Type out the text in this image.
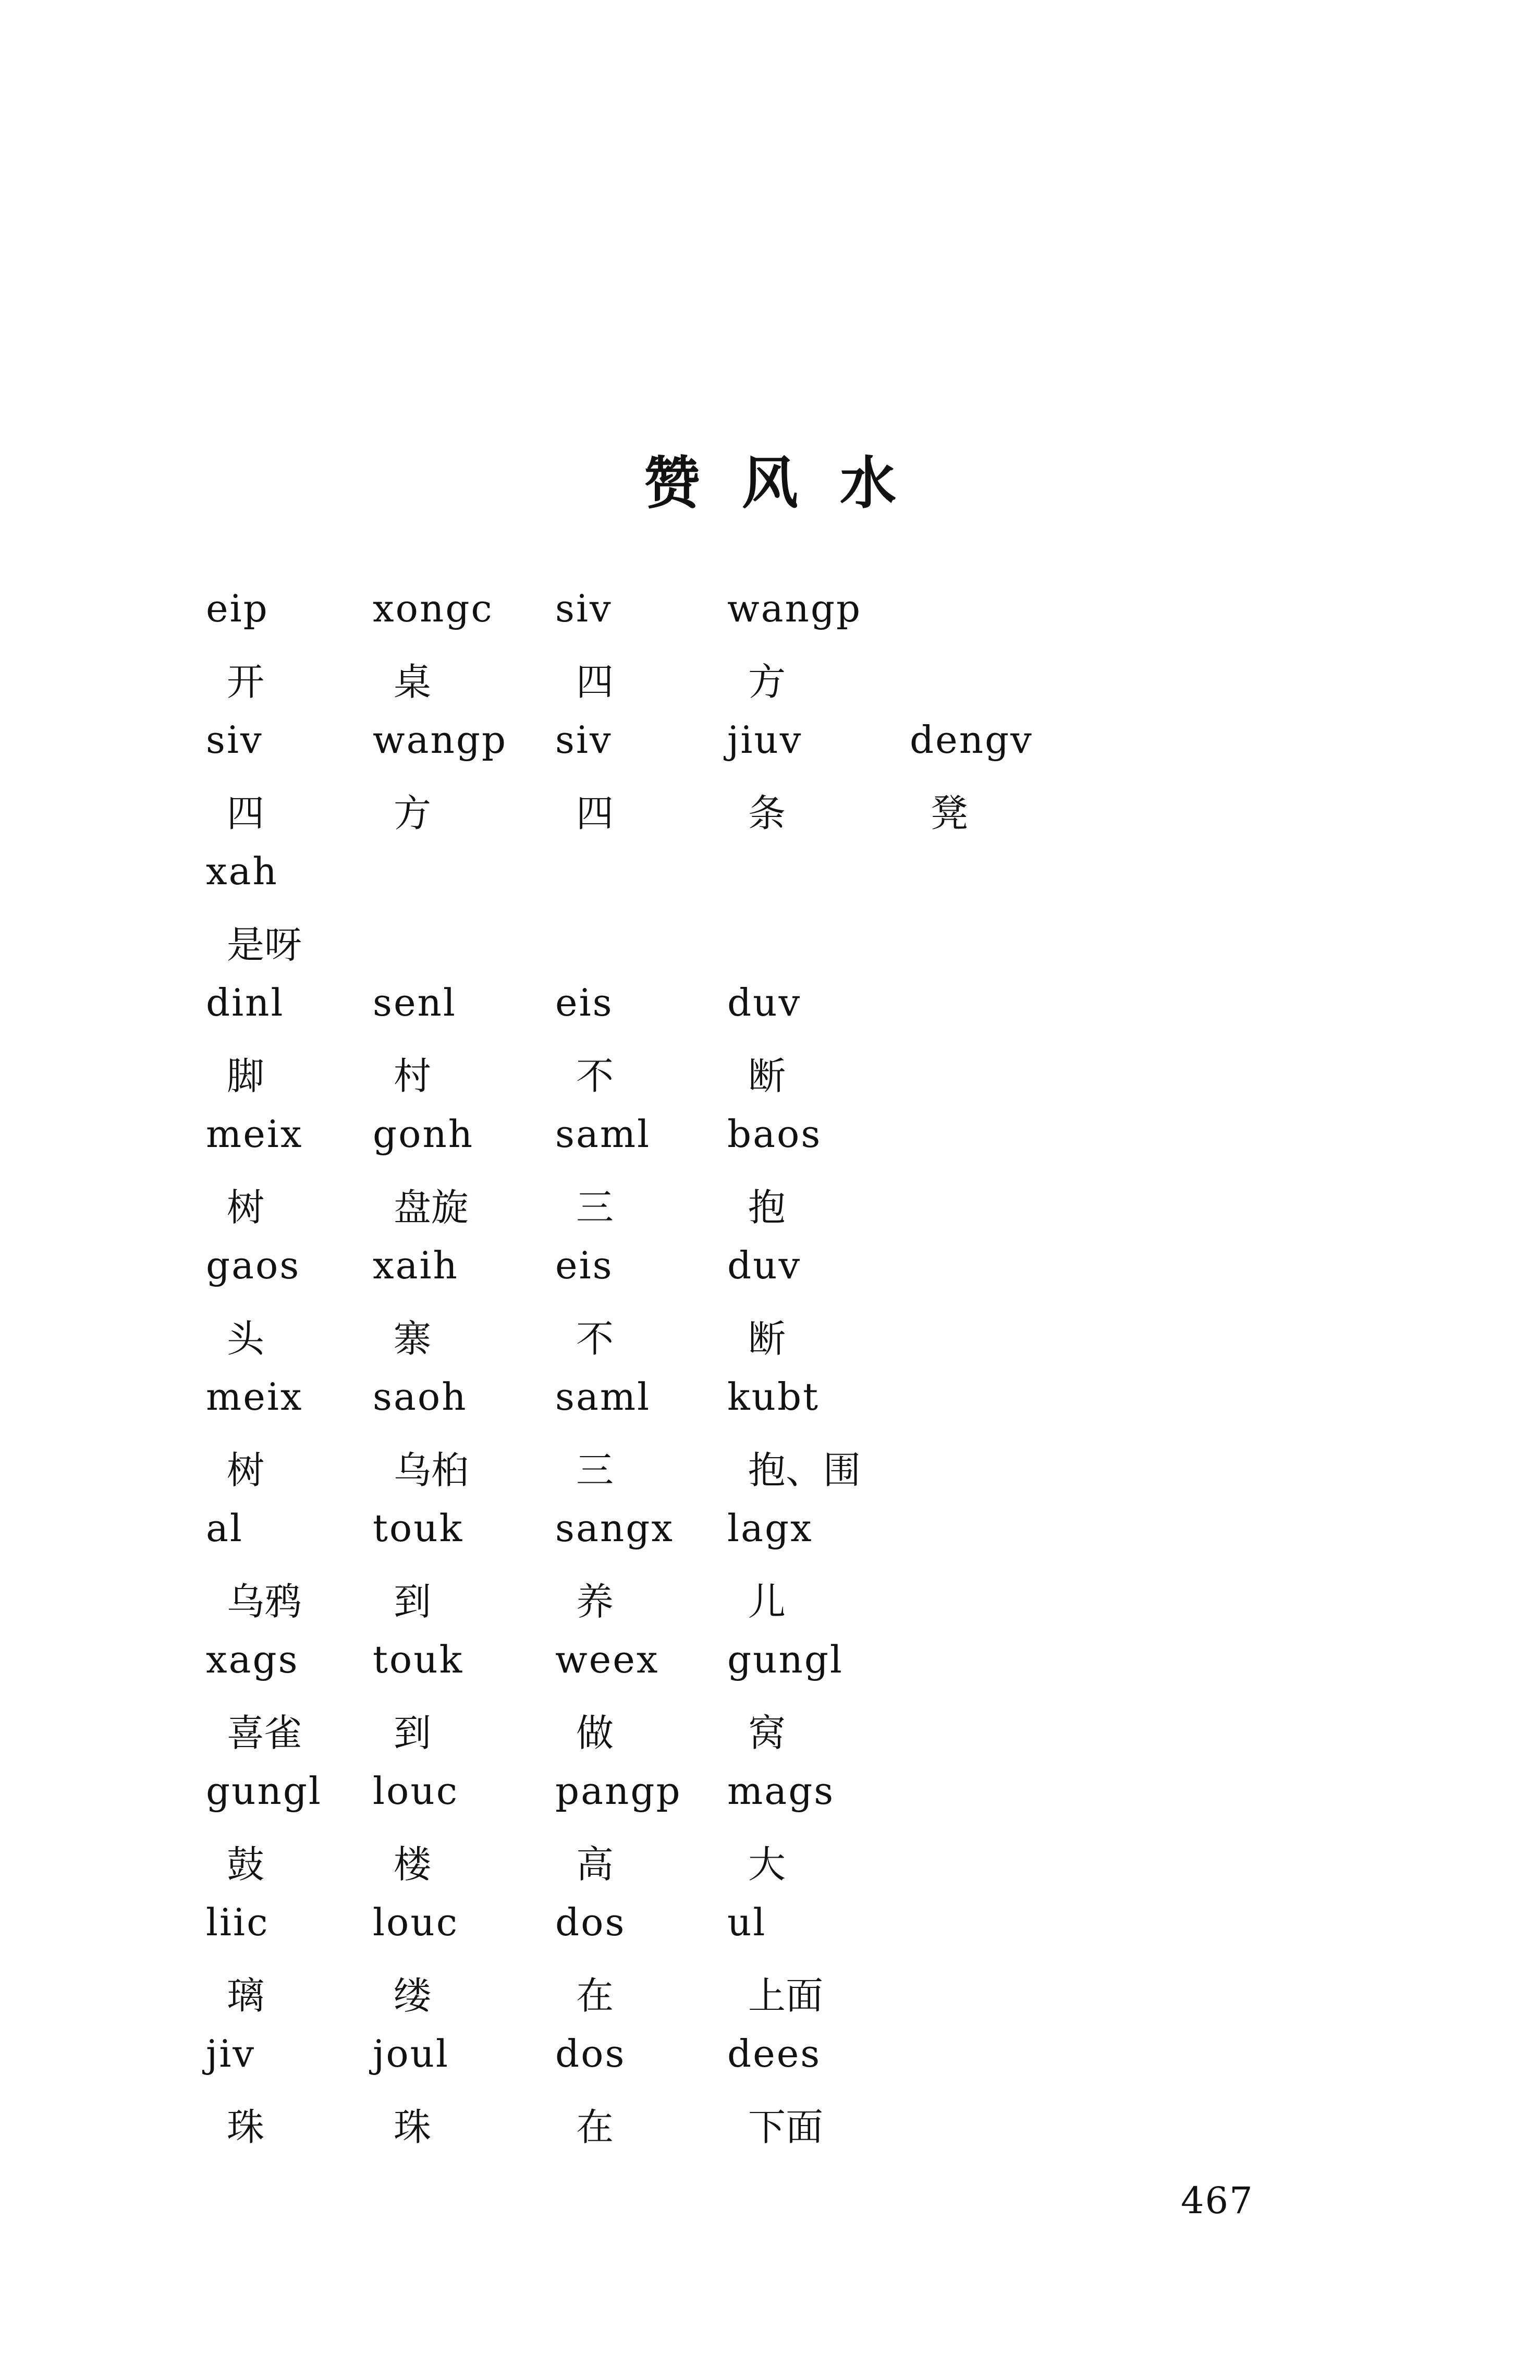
赞风水
eip	xongc	siv	wangp
开	桌	四	方
siv	wangp	siv	jiuv	dengv
四	方	四	条	凳
xah
是呀
dinl	senl	eis	duv
脚	村	不	断
meix	gonh	saml	baos
树	盘旋	三	抱
gaos	xaih	eis	duv
头	寨	不	断
meix	saoh	saml	kubt
树	乌桕	三	抱、围
al	touk	sangx	lagx
乌鸦	到	养	儿
xags	touk	weex	gungl
喜雀	到	做	窝
gungl	louc	pangp	mags
鼓	楼	高	大
liic	louc	dos	ul
璃	缕	在	上面
jiv	joul	dos	dees
珠	珠	在	下面
467
